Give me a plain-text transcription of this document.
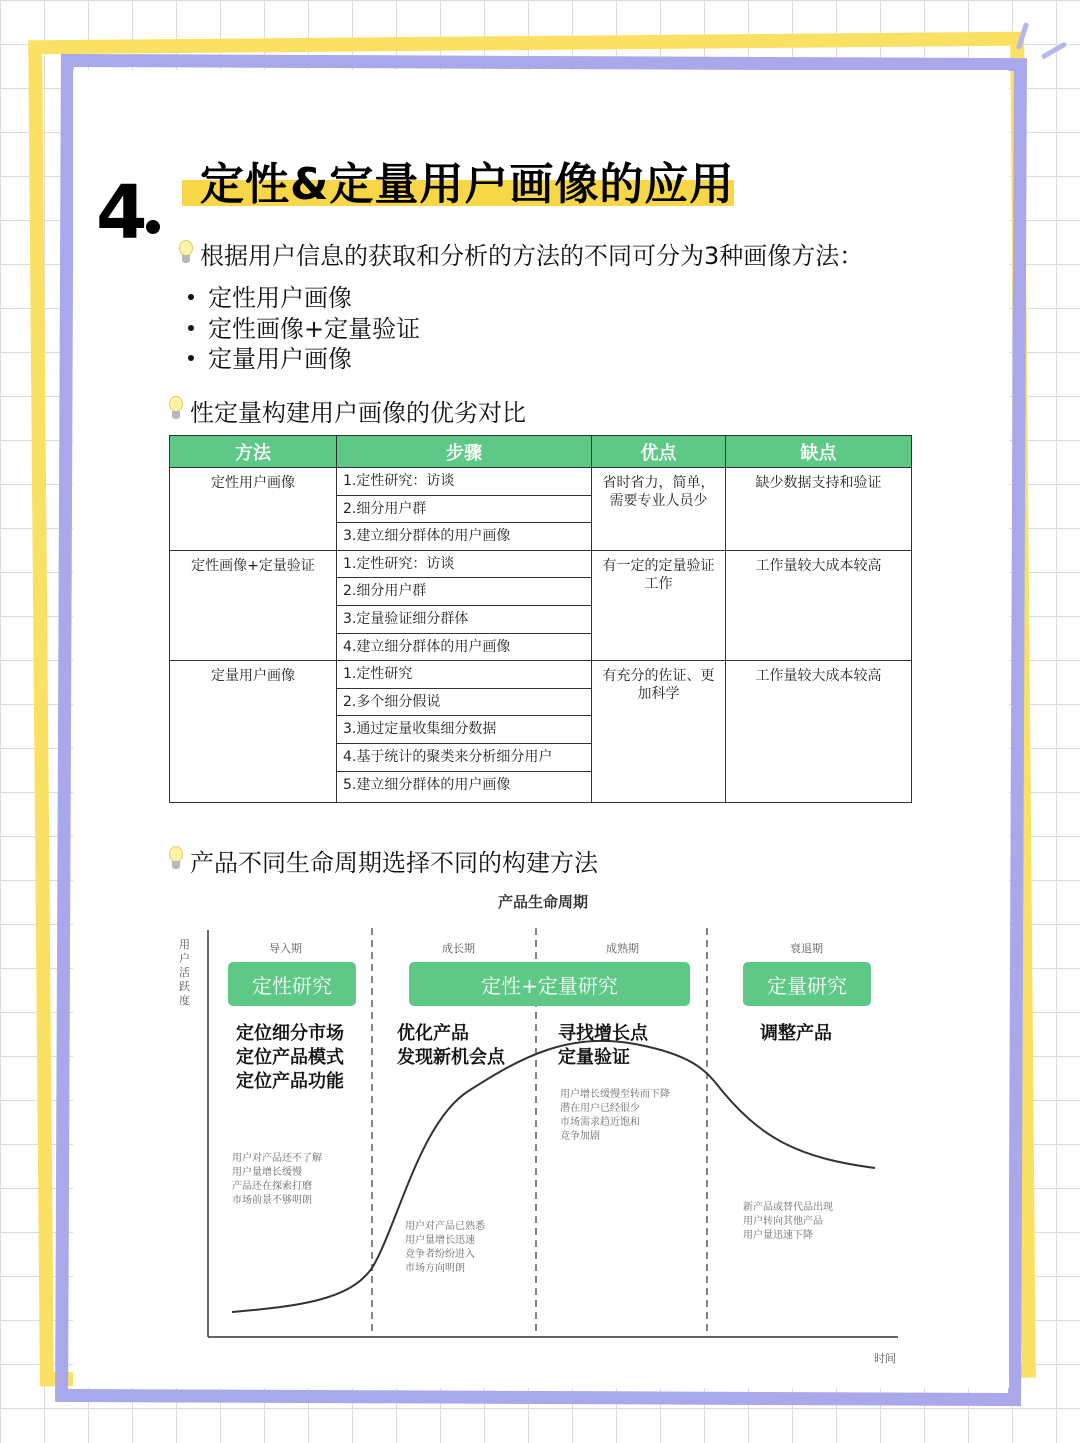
4 定性&定量用户画像的应用
根据用户信息的获取和分析的方法的不同可分为3种画像方法：
定性用户画像
定性画像+定量验证
定量用户画像
性定量构建用户画像的优劣对比
方法	步骤	优点	缺点
定性用户画像	1.定性研究：访谈	省时省力，简单，需要专业人员少	缺少数据支持和验证
	2.细分用户群		
	3.建立细分群体的用户画像		
定性画像+定量验证	1.定性研究：访谈	有一定的定量验证工作	工作量较大成本较高
	2.细分用户群		
	3.定量验证细分群体		
	4.建立细分群体的用户画像		
定量用户画像	1.定性研究	有充分的佐证、更加科学	工作量较大成本较高
	2.多个细分假说		
	3.通过定量收集细分数据		
	4.基于统计的聚类来分析细分用户		
	5.建立细分群体的用户画像		
产品不同生命周期选择不同的构建方法
产品生命周期
用户活跃度
时间
导入期	成长期	成熟期	衰退期
定性研究	定性+定量研究	定量研究
定位细分市场
定位产品模式
定位产品功能
优化产品
发现新机会点
寻找增长点
定量验证
调整产品
用户对产品还不了解
用户量增长缓慢
产品还在探索打磨
市场前景不够明朗
用户对产品已熟悉
用户量增长迅速
竞争者纷纷进入
市场方向明朗
用户增长缓慢至转而下降
潜在用户已经很少
市场需求趋近饱和
竞争加剧
新产品或替代品出现
用户转向其他产品
用户量迅速下降
